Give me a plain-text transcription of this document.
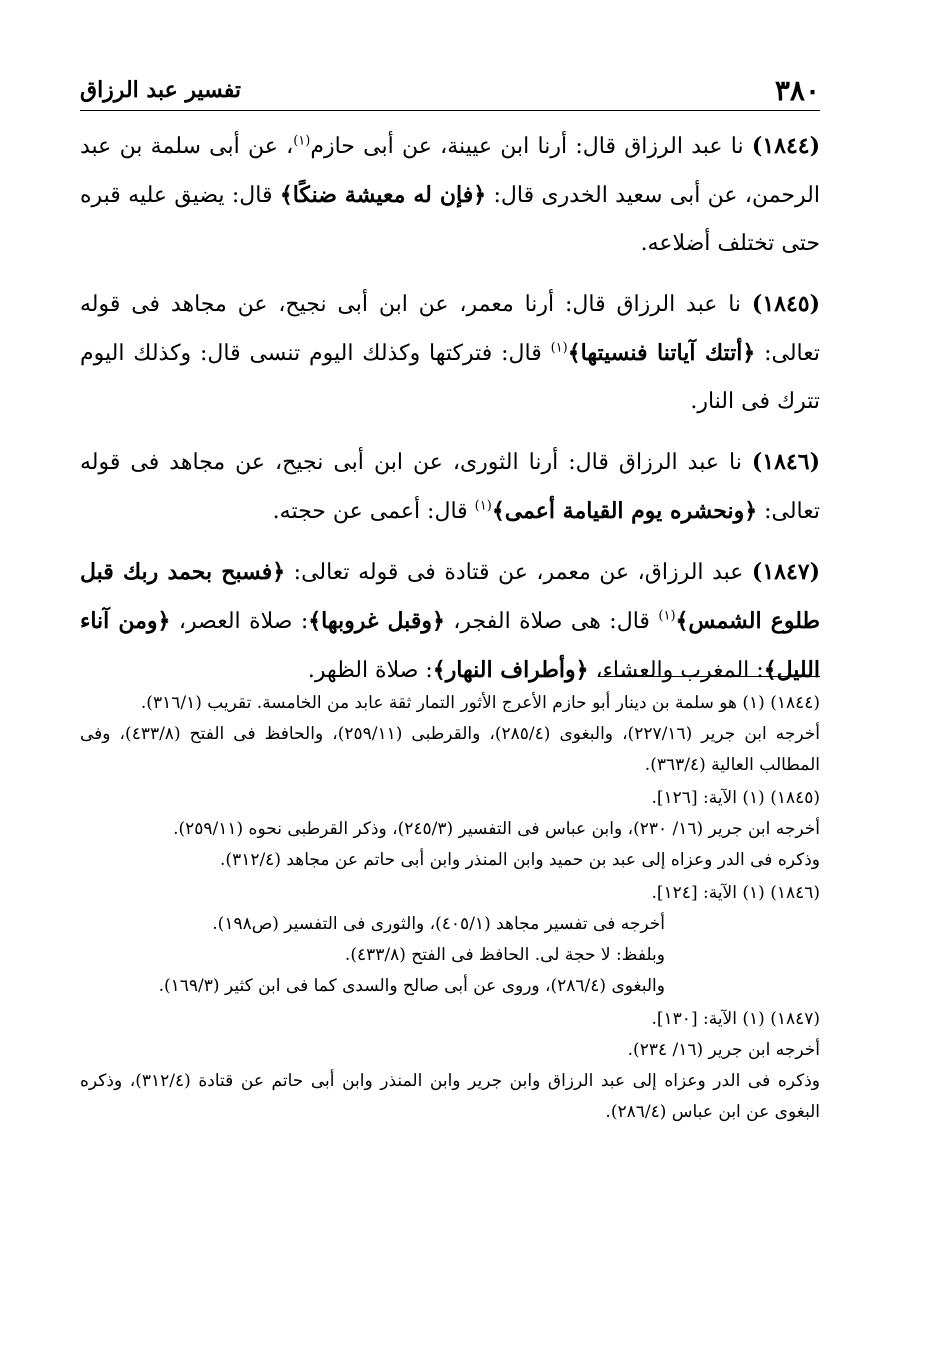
٣٨٠
تفسير عبد الرزاق

(١٨٤٤) نا عبد الرزاق قال: أرنا ابن عيينة، عن أبى حازم$^{(١)}$، عن أبى سلمة بن عبد الرحمن، عن أبى سعيد الخدرى قال: ﴿فإن له معيشة ضنكًا﴾ قال: يضيق عليه قبره حتى تختلف أضلاعه.

(١٨٤٥) نا عبد الرزاق قال: أرنا معمر، عن ابن أبى نجيح، عن مجاهد فى قوله تعالى: ﴿أتتك آياتنا فنسيتها﴾$^{(١)}$ قال: فتركتها وكذلك اليوم تنسى قال: وكذلك اليوم تترك فى النار.

(١٨٤٦) نا عبد الرزاق قال: أرنا الثورى، عن ابن أبى نجيح، عن مجاهد فى قوله تعالى: ﴿ونحشره يوم القيامة أعمى﴾$^{(١)}$ قال: أعمى عن حجته.

(١٨٤٧) عبد الرزاق، عن معمر، عن قتادة فى قوله تعالى: ﴿فسبح بحمد ربك قبل طلوع الشمس﴾$^{(١)}$ قال: هى صلاة الفجر، ﴿وقبل غروبها﴾: صلاة العصر، ﴿ومن آناء الليل﴾: المغرب والعشاء، ﴿وأطراف النهار﴾: صلاة الظهر.

(١٨٤٤) (١) هو سلمة بن دينار أبو حازم الأعرج الأثور التمار ثقة عابد من الخامسة. تقريب (٣١٦/١).

أخرجه ابن جرير (٢٢٧/١٦)، والبغوى (٢٨٥/٤)، والقرطبى (٢٥٩/١١)، والحافظ فى الفتح (٤٣٣/٨)، وفى المطالب العالية (٣٦٣/٤).

(١٨٤٥) (١) الآية: [١٢٦].

أخرجه ابن جرير (١٦/ ٢٣٠)، وابن عباس فى التفسير (٢٤٥/٣)، وذكر القرطبى نحوه (٢٥٩/١١).

وذكره فى الدر وعزاه إلى عبد بن حميد وابن المنذر وابن أبى حاتم عن مجاهد (٣١٢/٤).

(١٨٤٦) (١) الآية: [١٢٤].

أخرجه فى تفسير مجاهد (٤٠٥/١)، والثورى فى التفسير (ص١٩٨).

وبلفظ: لا حجة لى. الحافظ فى الفتح (٤٣٣/٨).

والبغوى (٢٨٦/٤)، وروى عن أبى صالح والسدى كما فى ابن كثير (١٦٩/٣).

(١٨٤٧) (١) الآية: [١٣٠].

أخرجه ابن جرير (١٦/ ٢٣٤).

وذكره فى الدر وعزاه إلى عبد الرزاق وابن جرير وابن المنذر وابن أبى حاتم عن قتادة (٣١٢/٤)، وذكره البغوى عن ابن عباس (٢٨٦/٤).
